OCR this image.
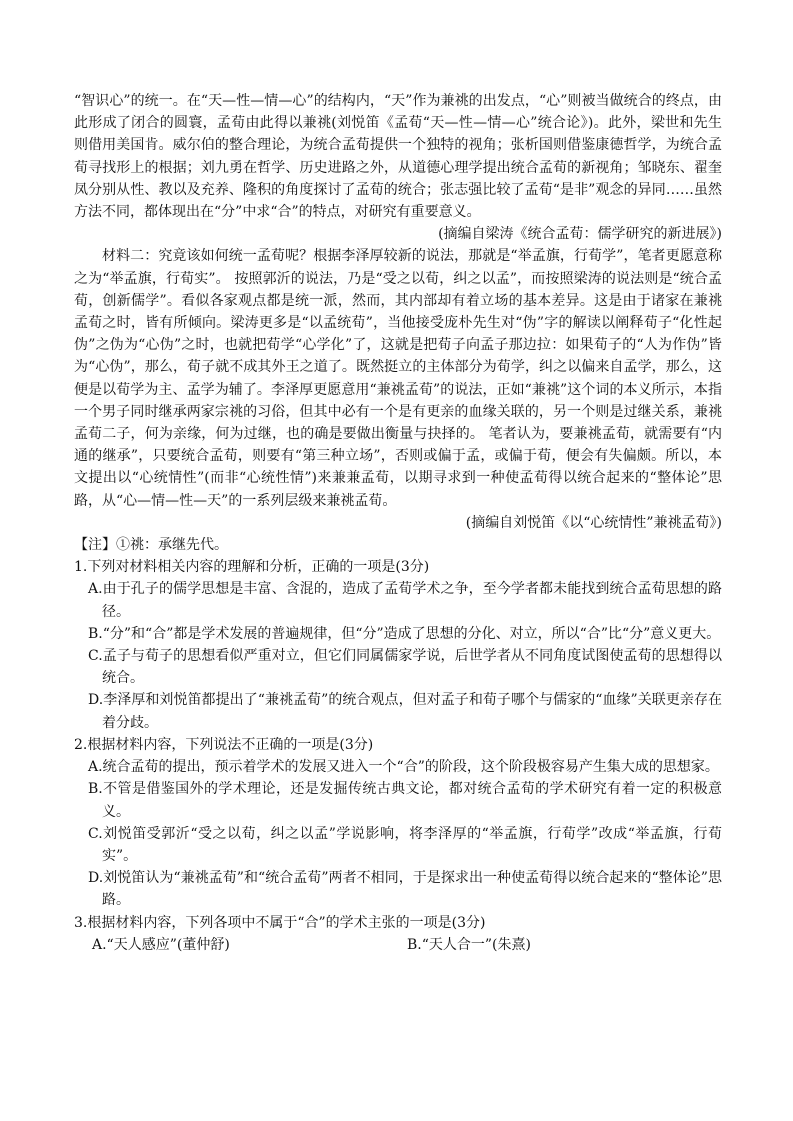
“智识心”的统一。在“天—性—情—心”的结构内，“天”作为兼祧的出发点，“心”则被当做统合的终点，由此形成了闭合的圆寰，孟荀由此得以兼祧(刘悦笛《孟荀“天—性—情—心”统合论》)。此外，梁世和先生则借用美国肯。威尔伯的整合理论，为统合孟荀提供一个独特的视角；张析国则借鉴康德哲学，为统合孟荀寻找形上的根据；刘九勇在哲学、历史进路之外，从道德心理学提出统合孟荀的新视角；邹晓东、翟奎凤分别从性、教以及充养、隆积的角度探讨了孟荀的统合；张志强比较了孟荀“是非”观念的异同……虽然方法不同，都体现出在“分”中求“合”的特点，对研究有重要意义。

(摘编自梁涛《统合孟荀：儒学研究的新进展》)

材料二：究竟该如何统一孟荀呢？根据李泽厚较新的说法，那就是“举孟旗，行荀学”，笔者更愿意称之为“举孟旗，行荀实”。 按照郭沂的说法，乃是“受之以荀，纠之以孟”，而按照梁涛的说法则是“统合孟荀，创新儒学”。看似各家观点都是统一派，然而，其内部却有着立场的基本差异。这是由于诸家在兼祧孟荀之时，皆有所倾向。梁涛更多是“以孟统荀”，当他接受庞朴先生对“伪”字的解读以阐释荀子“化性起伪”之伪为“心伪”之时，也就把荀学“心学化”了，这就是把荀子向孟子那边拉：如果荀子的“人为作伪”皆为“心伪”，那么，荀子就不成其外王之道了。既然挺立的主体部分为荀学，纠之以偏来自孟学，那么，这便是以荀学为主、孟学为辅了。李泽厚更愿意用“兼祧孟荀”的说法，正如“兼祧”这个词的本义所示，本指一个男子同时继承两家宗祧的习俗，但其中必有一个是有更亲的血缘关联的，另一个则是过继关系，兼祧孟荀二子，何为亲缘，何为过继，也的确是要做出衡量与抉择的。 笔者认为，要兼祧孟荀，就需要有“内通的继承”，只要统合孟荀，则要有“第三种立场”，否则或偏于孟，或偏于荀，便会有失偏颇。所以，本文提出以“心统情性”(而非“心统性情”)来兼兼孟荀，以期寻求到一种使孟荀得以统合起来的“整体论”思路，从“心—情—性—天”的一系列层级来兼祧孟荀。

(摘编自刘悦笛《以“心统情性”兼祧孟荀》)

【注】①祧：承继先代。

1.下列对材料相关内容的理解和分析，正确的一项是(3分)

A.由于孔子的儒学思想是丰富、含混的，造成了孟荀学术之争，至今学者都未能找到统合孟荀思想的路径。

B.“分”和“合”都是学术发展的普遍规律，但“分”造成了思想的分化、对立，所以“合”比“分”意义更大。

C.孟子与荀子的思想看似严重对立，但它们同属儒家学说，后世学者从不同角度试图使孟荀的思想得以统合。

D.李泽厚和刘悦笛都提出了“兼祧孟荀”的统合观点，但对孟子和荀子哪个与儒家的“血缘”关联更亲存在着分歧。

2.根据材料内容，下列说法不正确的一项是(3分)

A.统合孟荀的提出，预示着学术的发展又进入一个“合”的阶段，这个阶段极容易产生集大成的思想家。

B.不管是借鉴国外的学术理论，还是发掘传统古典文论，都对统合孟荀的学术研究有着一定的积极意义。

C.刘悦笛受郭沂“受之以荀，纠之以孟”学说影响，将李泽厚的“举孟旗，行荀学”改成“举孟旗，行荀实”。

D.刘悦笛认为“兼祧孟荀”和“统合孟荀”两者不相同，于是探求出一种使孟荀得以统合起来的“整体论”思路。

3.根据材料内容，下列各项中不属于“合”的学术主张的一项是(3分)

A.“天人感应”(董仲舒)	B.“天人合一”(朱熹)
